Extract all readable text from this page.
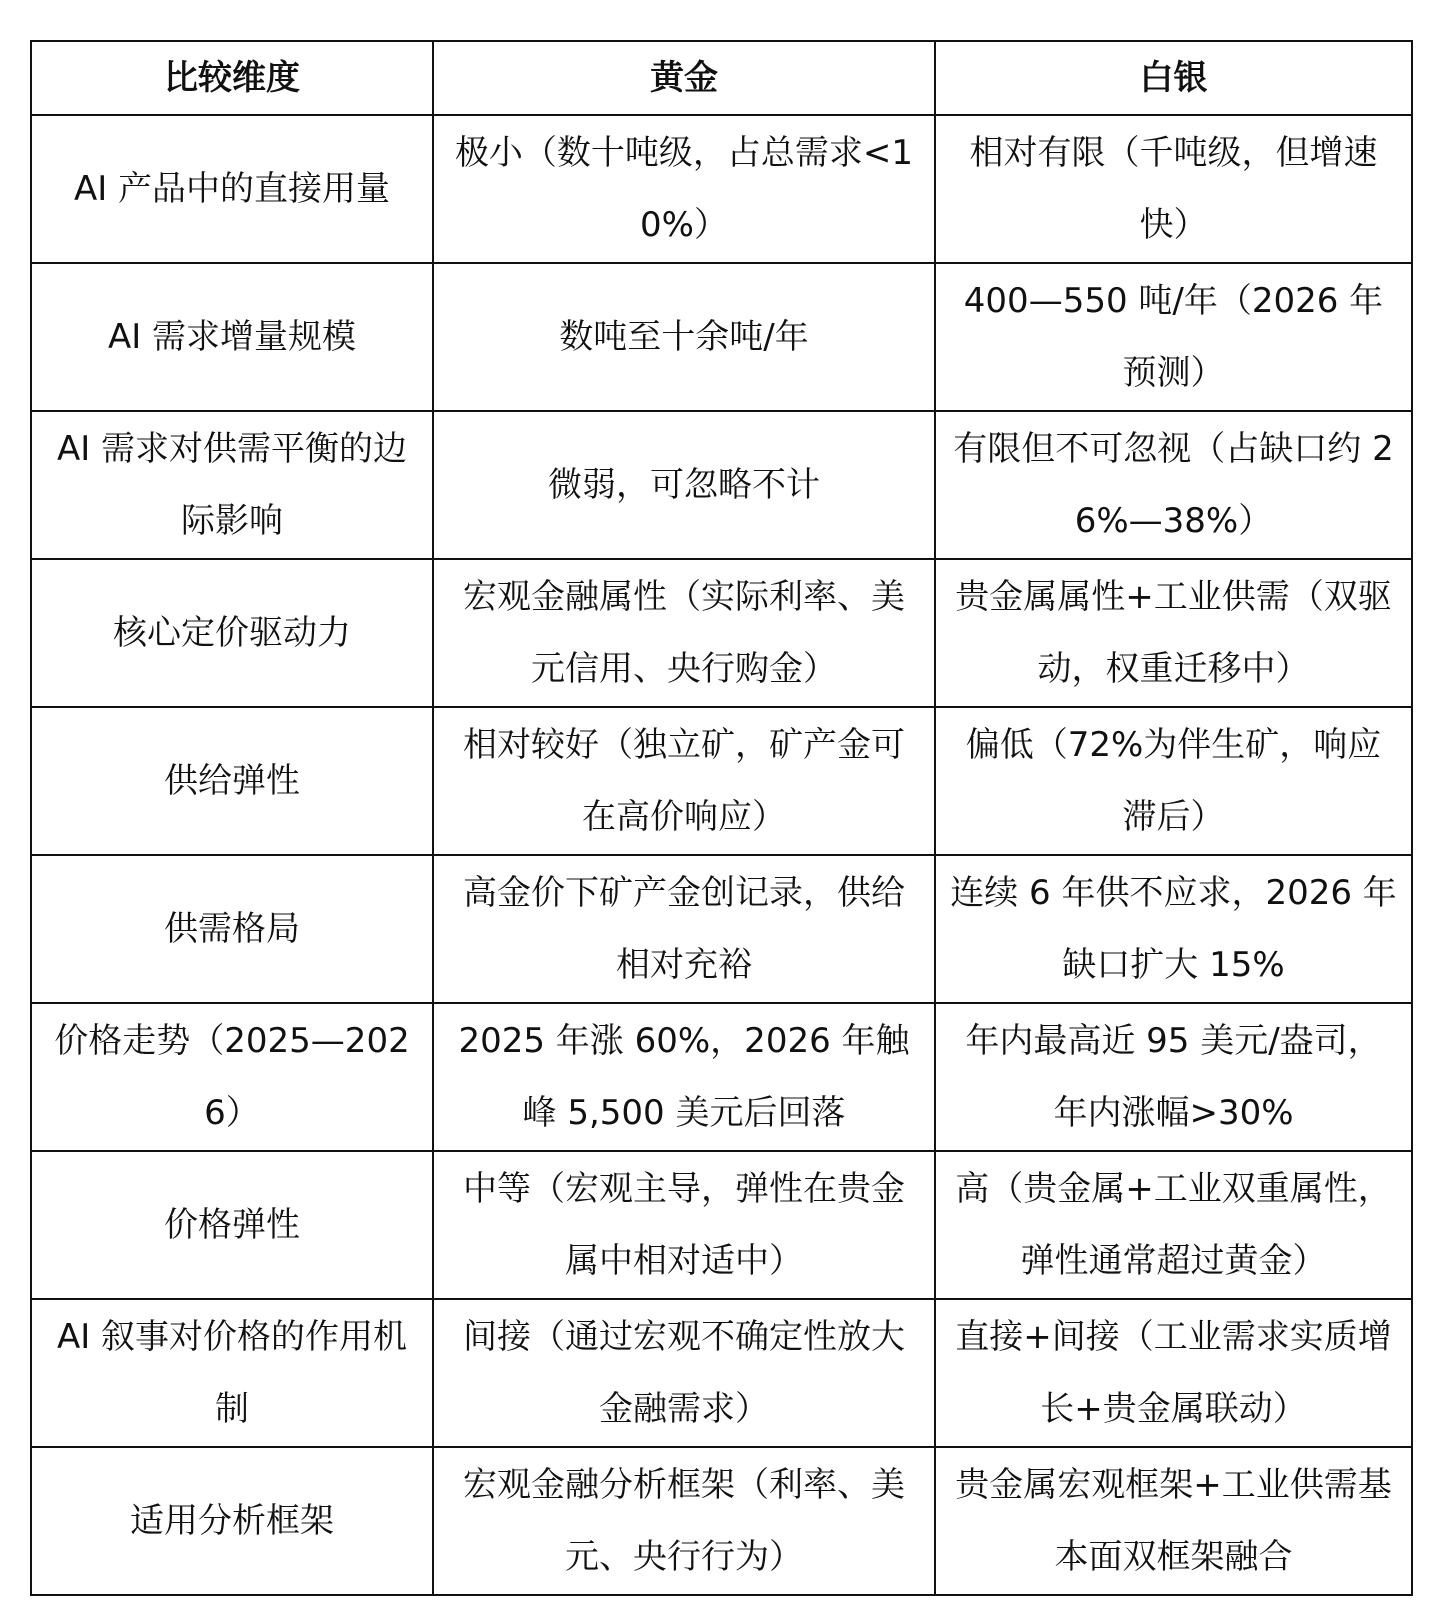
比较维度	黄金	白银
AI 产品中的直接用量	极小（数十吨级，占总需求<10%）	相对有限（千吨级，但增速快）
AI 需求增量规模	数吨至十余吨/年	400—550 吨/年（2026 年预测）
AI 需求对供需平衡的边际影响	微弱，可忽略不计	有限但不可忽视（占缺口约 26%—38%）
核心定价驱动力	宏观金融属性（实际利率、美元信用、央行购金）	贵金属属性+工业供需（双驱动，权重迁移中）
供给弹性	相对较好（独立矿，矿产金可在高价响应）	偏低（72%为伴生矿，响应滞后）
供需格局	高金价下矿产金创记录，供给相对充裕	连续 6 年供不应求，2026 年缺口扩大 15%
价格走势（2025—2026）	2025 年涨 60%，2026 年触峰 5,500 美元后回落	年内最高近 95 美元/盎司，年内涨幅>30%
价格弹性	中等（宏观主导，弹性在贵金属中相对适中）	高（贵金属+工业双重属性，弹性通常超过黄金）
AI 叙事对价格的作用机制	间接（通过宏观不确定性放大金融需求）	直接+间接（工业需求实质增长+贵金属联动）
适用分析框架	宏观金融分析框架（利率、美元、央行行为）	贵金属宏观框架+工业供需基本面双框架融合
